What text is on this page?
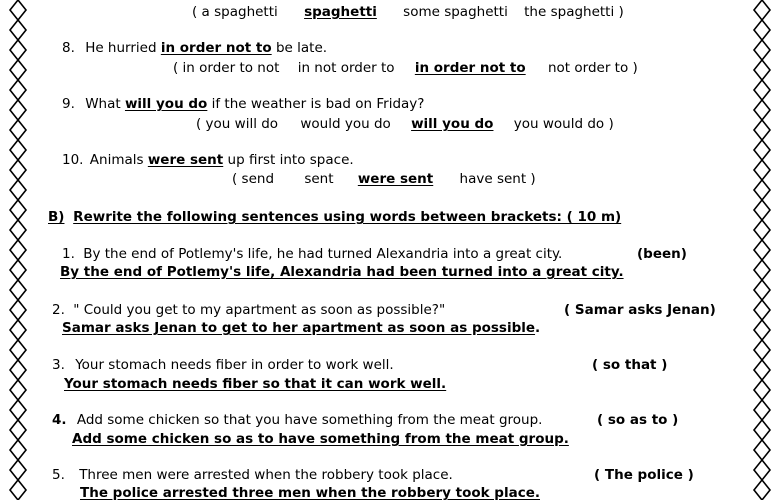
( a spaghetti spaghetti some spaghetti the spaghetti )
8. He hurried in order not to be late.
( in order to not in not order to in order not to not order to )
9. What will you do if the weather is bad on Friday?
( you will do would you do will you do you would do )
10. Animals were sent up first into space.
( send sent were sent have sent )
B) Rewrite the following sentences using words between brackets: ( 10 m)
1. By the end of Potlemy's life, he had turned Alexandria into a great city.	(been)
By the end of Potlemy's life, Alexandria had been turned into a great city.
2. " Could you get to my apartment as soon as possible?"	( Samar asks Jenan)
Samar asks Jenan to get to her apartment as soon as possible.
3. Your stomach needs fiber in order to work well.	( so that )
Your stomach needs fiber so that it can work well.
4. Add some chicken so that you have something from the meat group.	( so as to )
Add some chicken so as to have something from the meat group.
5. Three men were arrested when the robbery took place.	( The police )
The police arrested three men when the robbery took place.
